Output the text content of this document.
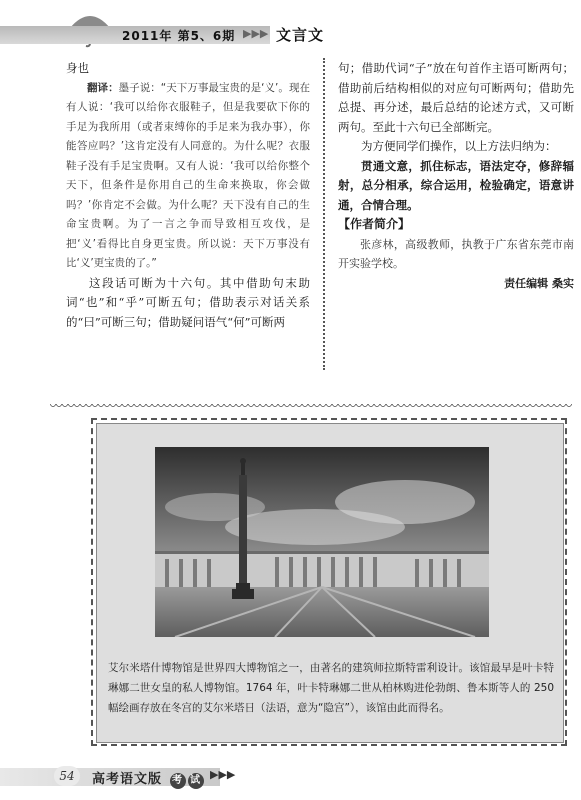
2011年 第5、6期 ▶▶▶ 文言文

身也

翻译：墨子说：“天下万事最宝贵的是‘义’。现在有人说：‘我可以给你衣服鞋子，但是我要砍下你的手足为我所用（或者束缚你的手足来为我办事），你能答应吗？’这肯定没有人同意的。为什么呢？衣服鞋子没有手足宝贵啊。又有人说：‘我可以给你整个天下，但条件是你用自己的生命来换取，你会做吗？’你肯定不会做。为什么呢？天下没有自己的生命宝贵啊。为了一言之争而导致相互攻伐，是把‘义’看得比自身更宝贵。所以说：天下万事没有比‘义’更宝贵的了。”

这段话可断为十六句。其中借助句末助词“也”和“乎”可断五句；借助表示对话关系的“曰”可断三句；借助疑问语气“何”可断两

句；借助代词“子”放在句首作主语可断两句；借助前后结构相似的对应句可断两句；借助先总提、再分述，最后总结的论述方式，又可断两句。至此十六句已全部断完。

为方便同学们操作，以上方法归纳为：

贯通文意，抓住标志，语法定夺，修辞辐射，总分相承，综合运用，检验确定，语意讲通，合情合理。

【作者简介】

张彦林，高级教师，执教于广东省东莞市南开实验学校。

责任编辑 桑实

艾尔米塔什博物馆是世界四大博物馆之一，由著名的建筑师拉斯特雷利设计。该馆最早是叶卡特琳娜二世女皇的私人博物馆。1764 年，叶卡特琳娜二世从柏林购进伦勃朗、鲁本斯等人的 250 幅绘画存放在冬宫的艾尔米塔日（法语，意为“隐宫”），该馆由此而得名。
54	高考语文版 考 试 ▶▶▶
